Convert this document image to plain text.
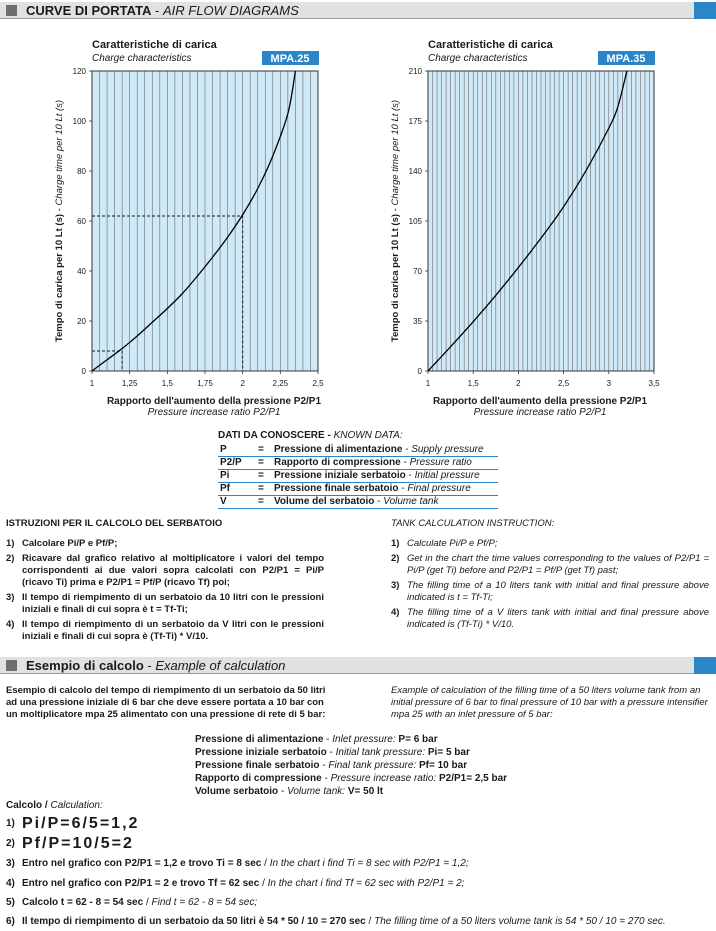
CURVE DI PORTATA - AIR FLOW DIAGRAMS
Caratteristiche di carica
Charge characteristics	MPA.25
0
20
40
60
80
100
120
1	1,25	1,5	1,75	2	2,25	2,5
Tempo di carica per 10 Lt (s) - Charge time per 10 Lt (s)
Caratteristiche di carica
Charge characteristics	MPA.35
0
35
70
105
140
175
210
1	1,5	2	2,5	3	3,5
Tempo di carica per 10 Lt (s) - Charge time per 10 Lt (s)
Rapporto dell'aumento della pressione P2/P1
Pressure increase ratio P2/P1
Rapporto dell'aumento della pressione P2/P1
Pressure increase ratio P2/P1
DATI DA CONOSCERE - KNOWN DATA:
P	= Pressione di alimentazione - Supply pressure
P2/P = Rapporto di compressione - Pressure ratio
Pi	= Pressione iniziale serbatoio - Initial pressure
Pf	= Pressione finale serbatoio - Final pressure
V	= Volume del serbatoio - Volume tank
ISTRUZIONI PER IL CALCOLO DEL SERBATOIO
1) Calcolare Pi/P e Pf/P;
2) Ricavare dal grafico relativo al moltiplicatore i valori del tempo corrispondenti ai due valori sopra calcolati con P2/P1 = Pi/P (ricavo Ti) prima e P2/P1 = Pf/P (ricavo Tf) poi;
3) Il tempo di riempimento di un serbatoio da 10 litri con le pressioni iniziali e finali di cui sopra è t = Tf-Ti;
4) Il tempo di riempimento di un serbatoio da V litri con le pressioni iniziali e finali di cui sopra è (Tf-Ti) * V/10.
TANK CALCULATION INSTRUCTION:
1) Calculate Pi/P e Pf/P;
2) Get in the chart the time values corresponding to the values of P2/P1 = Pi/P (get Ti) before and P2/P1 = Pf/P (get Tf) past;
3) The filling time of a 10 liters tank with initial and final pressure above indicated is t = Tf-Ti;
4) The filling time of a V liters tank with initial and final pressure above indicated is (Tf-Ti) * V/10.
Esempio di calcolo - Example of calculation
Esempio di calcolo del tempo di riempimento di un serbatoio da 50 litri ad una pressione iniziale di 6 bar che deve essere portata a 10 bar con un moltiplicatore mpa 25 alimentato con una pressione di rete di 5 bar:
Example of calculation of the filling time of a 50 liters volume tank from an initial pressure of 6 bar to final pressure of 10 bar with a pressure intensifier mpa 25 with an inlet pressure of 5 bar:
Pressione di alimentazione - Inlet pressure: P= 6 bar
Pressione iniziale serbatoio - Initial tank pressure: Pi= 5 bar
Pressione finale serbatoio - Final tank pressure: Pf= 10 bar
Rapporto di compressione - Pressure increase ratio: P2/P1= 2,5 bar
Volume serbatoio - Volume tank: V= 50 lt
Calcolo / Calculation:
1) Pi/P=6/5=1,2
2) Pf/P=10/5=2
3) Entro nel grafico con P2/P1 = 1,2 e trovo Ti = 8 sec / In the chart i find Ti = 8 sec with P2/P1 = 1,2;
4) Entro nel grafico con P2/P1 = 2 e trovo Tf = 62 sec / In the chart i find Tf = 62 sec with P2/P1 = 2;
5) Calcolo t = 62 - 8 = 54 sec / Find t = 62 - 8 = 54 sec;
6) Il tempo di riempimento di un serbatoio da 50 litri è 54 * 50 / 10 = 270 sec / The filling time of a 50 liters volume tank is 54 * 50 / 10 = 270 sec.
